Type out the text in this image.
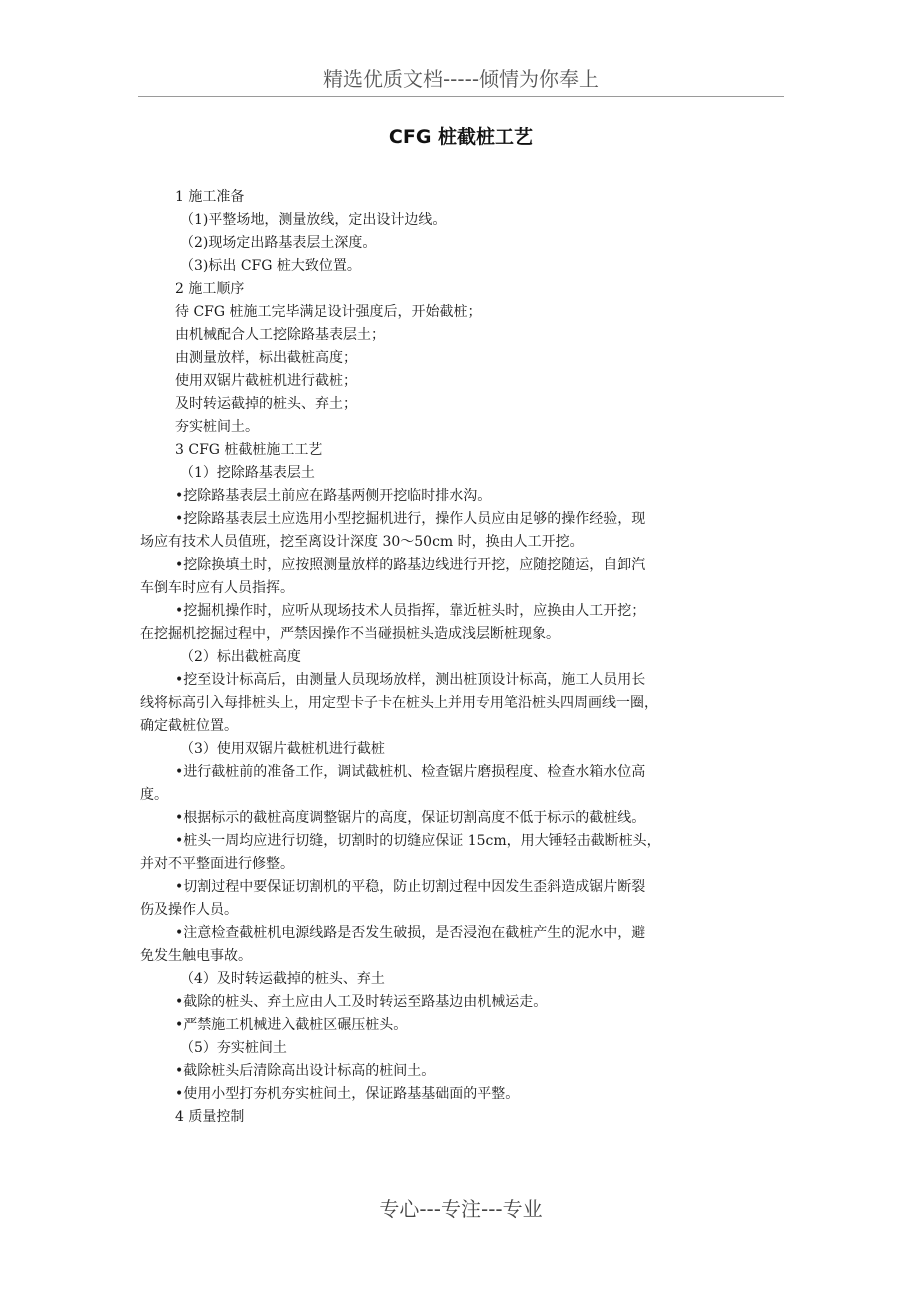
精选优质文档-----倾情为你奉上
CFG 桩截桩工艺
1 施工准备
（1)平整场地，测量放线，定出设计边线。
（2)现场定出路基表层土深度。
（3)标出 CFG 桩大致位置。
2 施工顺序
待 CFG 桩施工完毕满足设计强度后，开始截桩；
由机械配合人工挖除路基表层土；
由测量放样，标出截桩高度；
使用双锯片截桩机进行截桩；
及时转运截掉的桩头、弃土；
夯实桩间土。
3 CFG 桩截桩施工工艺
（1）挖除路基表层土
•挖除路基表层土前应在路基两侧开挖临时排水沟。
•挖除路基表层土应选用小型挖掘机进行，操作人员应由足够的操作经验，现
场应有技术人员值班，挖至离设计深度 30～50cm 时，换由人工开挖。
•挖除换填土时，应按照测量放样的路基边线进行开挖，应随挖随运，自卸汽
车倒车时应有人员指挥。
•挖掘机操作时，应听从现场技术人员指挥，靠近桩头时，应换由人工开挖；
在挖掘机挖掘过程中，严禁因操作不当碰损桩头造成浅层断桩现象。
（2）标出截桩高度
•挖至设计标高后，由测量人员现场放样，测出桩顶设计标高，施工人员用长
线将标高引入每排桩头上，用定型卡子卡在桩头上并用专用笔沿桩头四周画线一圈，
确定截桩位置。
（3）使用双锯片截桩机进行截桩
•进行截桩前的准备工作，调试截桩机、检查锯片磨损程度、检查水箱水位高
度。
•根据标示的截桩高度调整锯片的高度，保证切割高度不低于标示的截桩线。
•桩头一周均应进行切缝，切割时的切缝应保证 15cm，用大锤轻击截断桩头，
并对不平整面进行修整。
•切割过程中要保证切割机的平稳，防止切割过程中因发生歪斜造成锯片断裂
伤及操作人员。
•注意检查截桩机电源线路是否发生破损，是否浸泡在截桩产生的泥水中，避
免发生触电事故。
（4）及时转运截掉的桩头、弃土
•截除的桩头、弃土应由人工及时转运至路基边由机械运走。
•严禁施工机械进入截桩区碾压桩头。
（5）夯实桩间土
•截除桩头后清除高出设计标高的桩间土。
•使用小型打夯机夯实桩间土，保证路基基础面的平整。
4 质量控制
专心---专注---专业
